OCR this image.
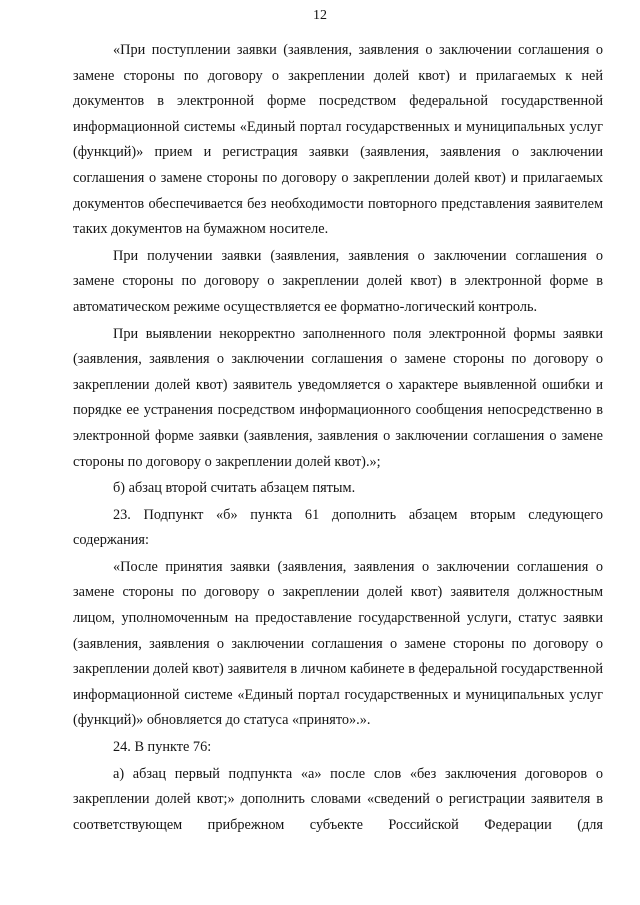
12

«При поступлении заявки (заявления, заявления о заключении соглашения о замене стороны по договору о закреплении долей квот) и прилагаемых к ней документов в электронной форме посредством федеральной государственной информационной системы «Единый портал государственных и муниципальных услуг (функций)» прием и регистрация заявки (заявления, заявления о заключении соглашения о замене стороны по договору о закреплении долей квот) и прилагаемых документов обеспечивается без необходимости повторного представления заявителем таких документов на бумажном носителе.

При получении заявки (заявления, заявления о заключении соглашения о замене стороны по договору о закреплении долей квот) в электронной форме в автоматическом режиме осуществляется ее форматно-логический контроль.

При выявлении некорректно заполненного поля электронной формы заявки (заявления, заявления о заключении соглашения о замене стороны по договору о закреплении долей квот) заявитель уведомляется о характере выявленной ошибки и порядке ее устранения посредством информационного сообщения непосредственно в электронной форме заявки (заявления, заявления о заключении соглашения о замене стороны по договору о закреплении долей квот).»;

б) абзац второй считать абзацем пятым.

23. Подпункт «б» пункта 61 дополнить абзацем вторым следующего содержания:

«После принятия заявки (заявления, заявления о заключении соглашения о замене стороны по договору о закреплении долей квот) заявителя должностным лицом, уполномоченным на предоставление государственной услуги, статус заявки (заявления, заявления о заключении соглашения о замене стороны по договору о закреплении долей квот) заявителя в личном кабинете в федеральной государственной информационной системе «Единый портал государственных и муниципальных услуг (функций)» обновляется до статуса «принято».».

24. В пункте 76:

а) абзац первый подпункта «а» после слов «без заключения договоров о закреплении долей квот;» дополнить словами «сведений о регистрации заявителя в соответствующем прибрежном субъекте Российской Федерации (для
